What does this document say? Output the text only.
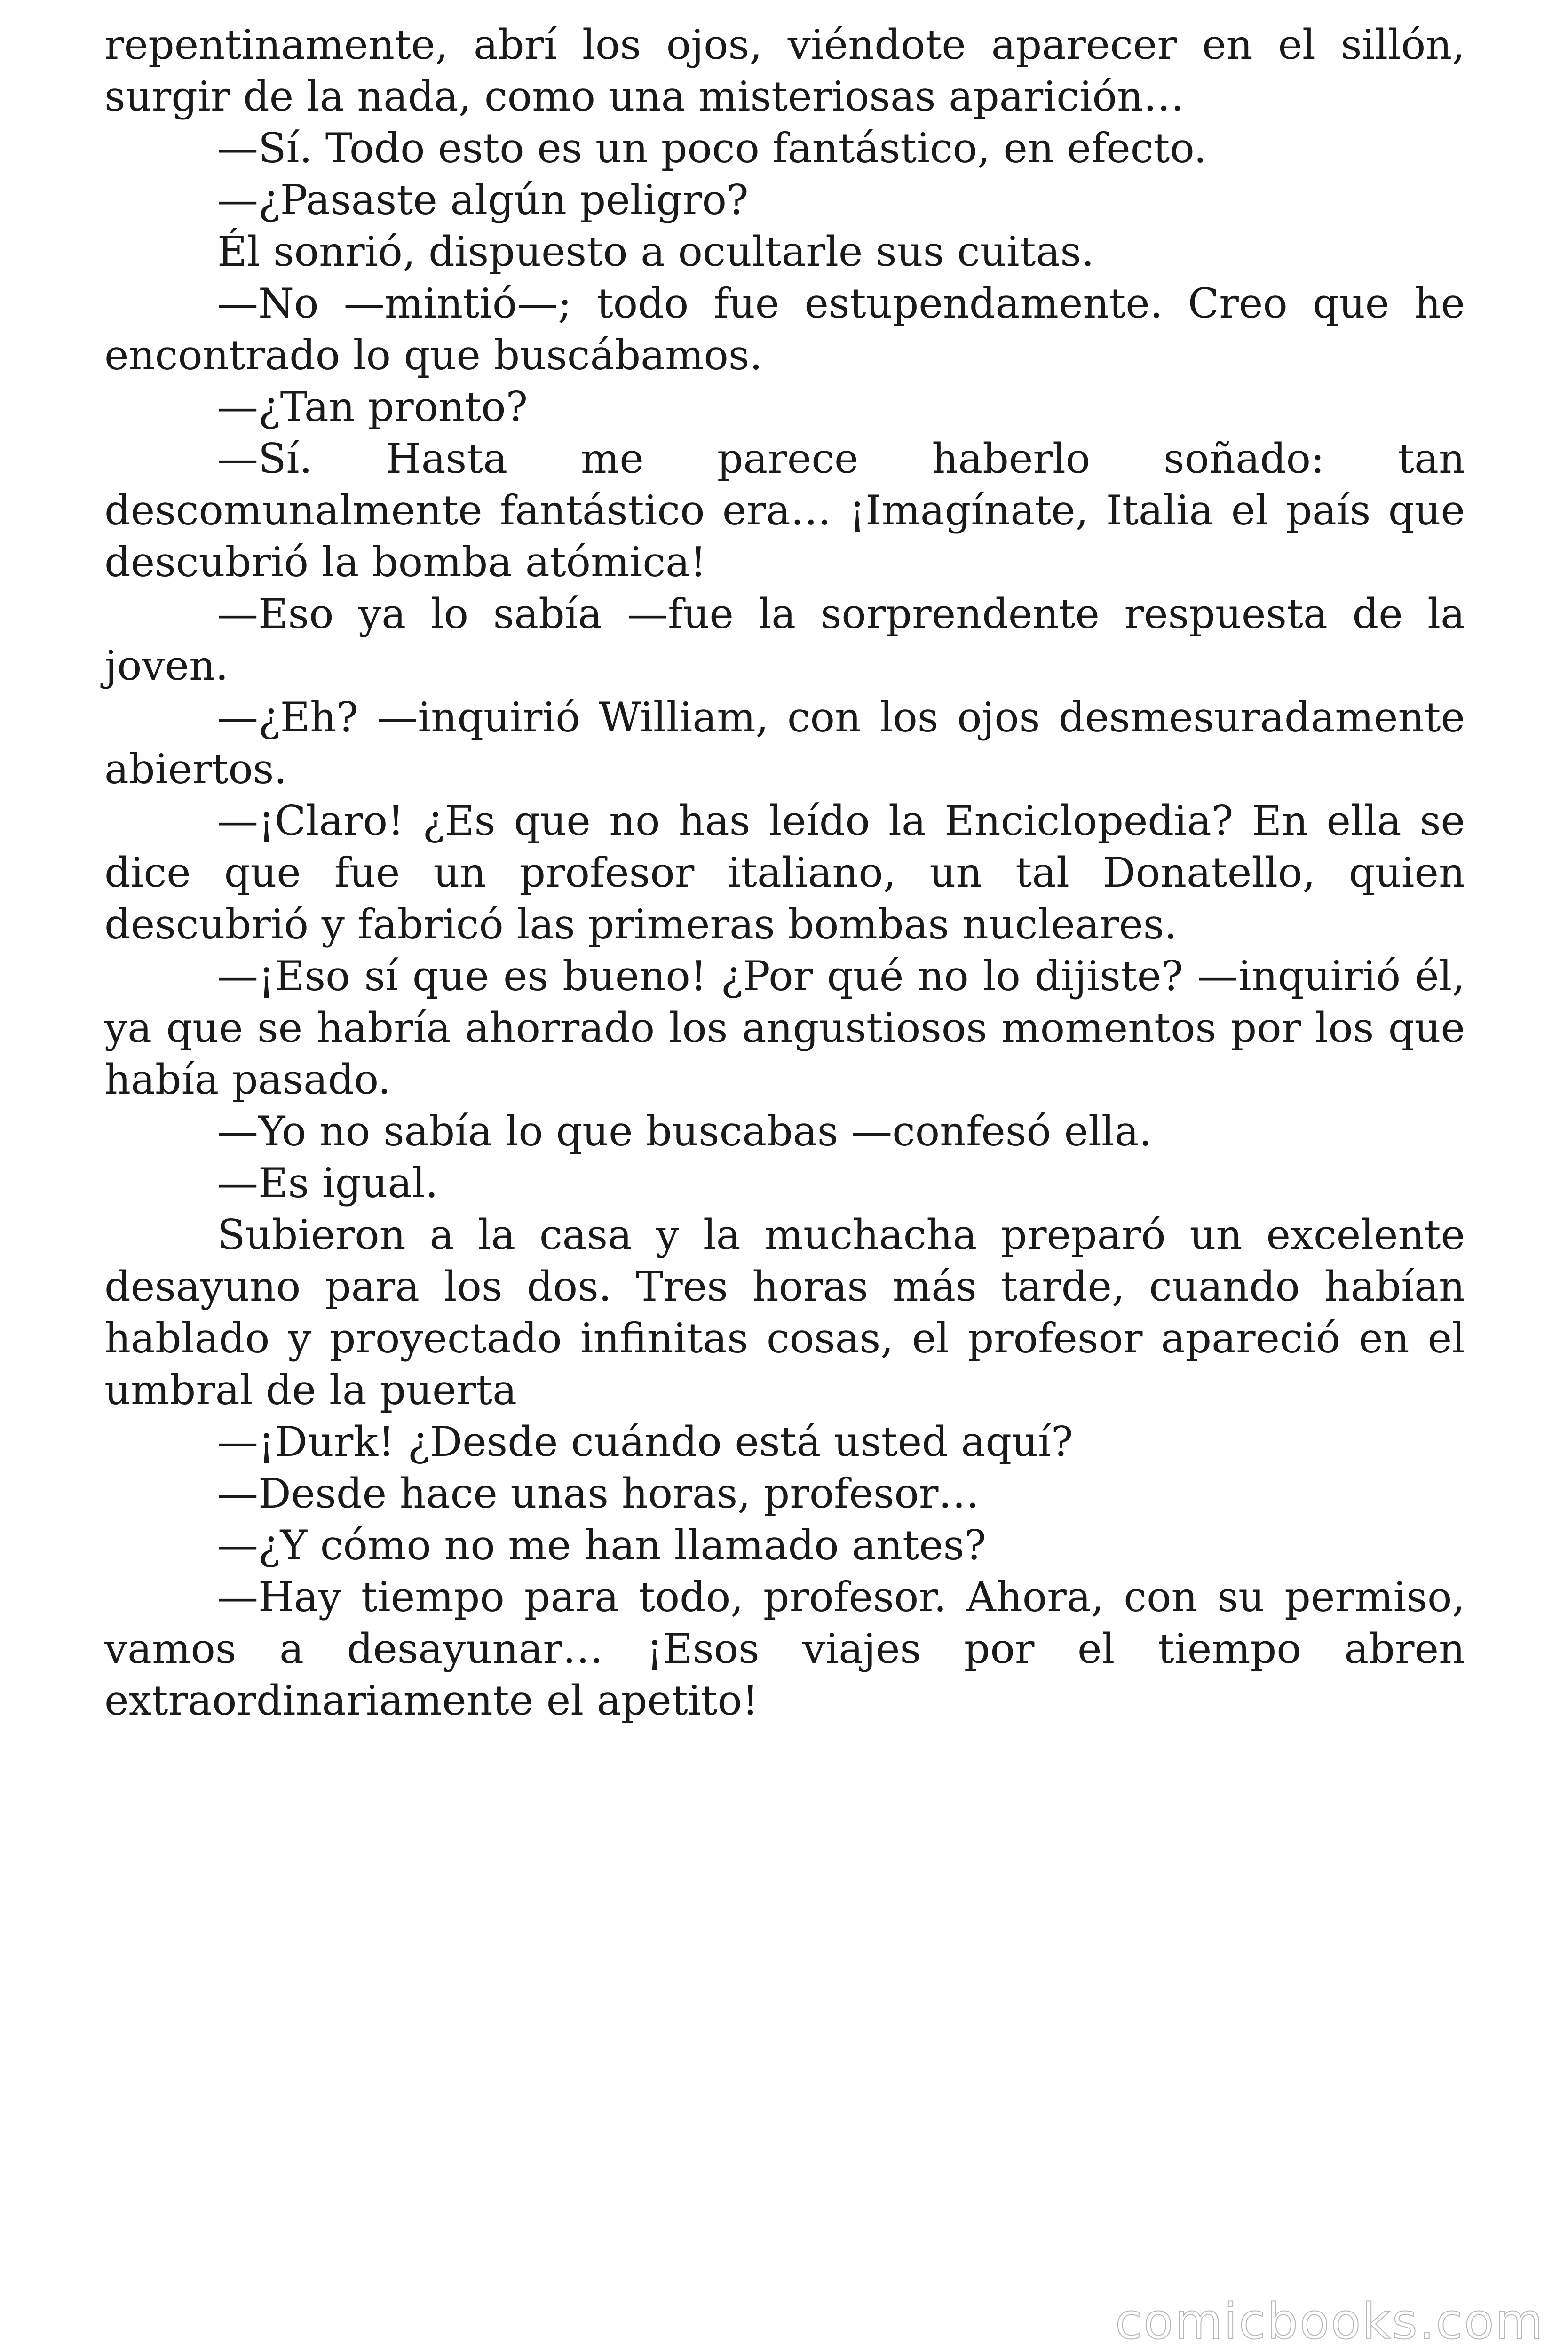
repentinamente, abrí los ojos, viéndote aparecer en el sillón, surgir de la nada, como una misteriosas aparición…

—Sí. Todo esto es un poco fantástico, en efecto.

—¿Pasaste algún peligro?

Él sonrió, dispuesto a ocultarle sus cuitas.

—No —mintió—; todo fue estupendamente. Creo que he encontrado lo que buscábamos.

—¿Tan pronto?

—Sí. Hasta me parece haberlo soñado: tan descomunalmente fantástico era… ¡Imagínate, Italia el país que descubrió la bomba atómica!

—Eso ya lo sabía —fue la sorprendente respuesta de la joven.

—¿Eh? —inquirió William, con los ojos desmesuradamente abiertos.

—¡Claro! ¿Es que no has leído la Enciclopedia? En ella se dice que fue un profesor italiano, un tal Donatello, quien descubrió y fabricó las primeras bombas nucleares.

—¡Eso sí que es bueno! ¿Por qué no lo dijiste? —inquirió él, ya que se habría ahorrado los angustiosos momentos por los que había pasado.

—Yo no sabía lo que buscabas —confesó ella.

—Es igual.

Subieron a la casa y la muchacha preparó un excelente desayuno para los dos. Tres horas más tarde, cuando habían hablado y proyectado infinitas cosas, el profesor apareció en el umbral de la puerta

—¡Durk! ¿Desde cuándo está usted aquí?

—Desde hace unas horas, profesor…

—¿Y cómo no me han llamado antes?

—Hay tiempo para todo, profesor. Ahora, con su permiso, vamos a desayunar… ¡Esos viajes por el tiempo abren extraordinariamente el apetito!

comicbooks.com
